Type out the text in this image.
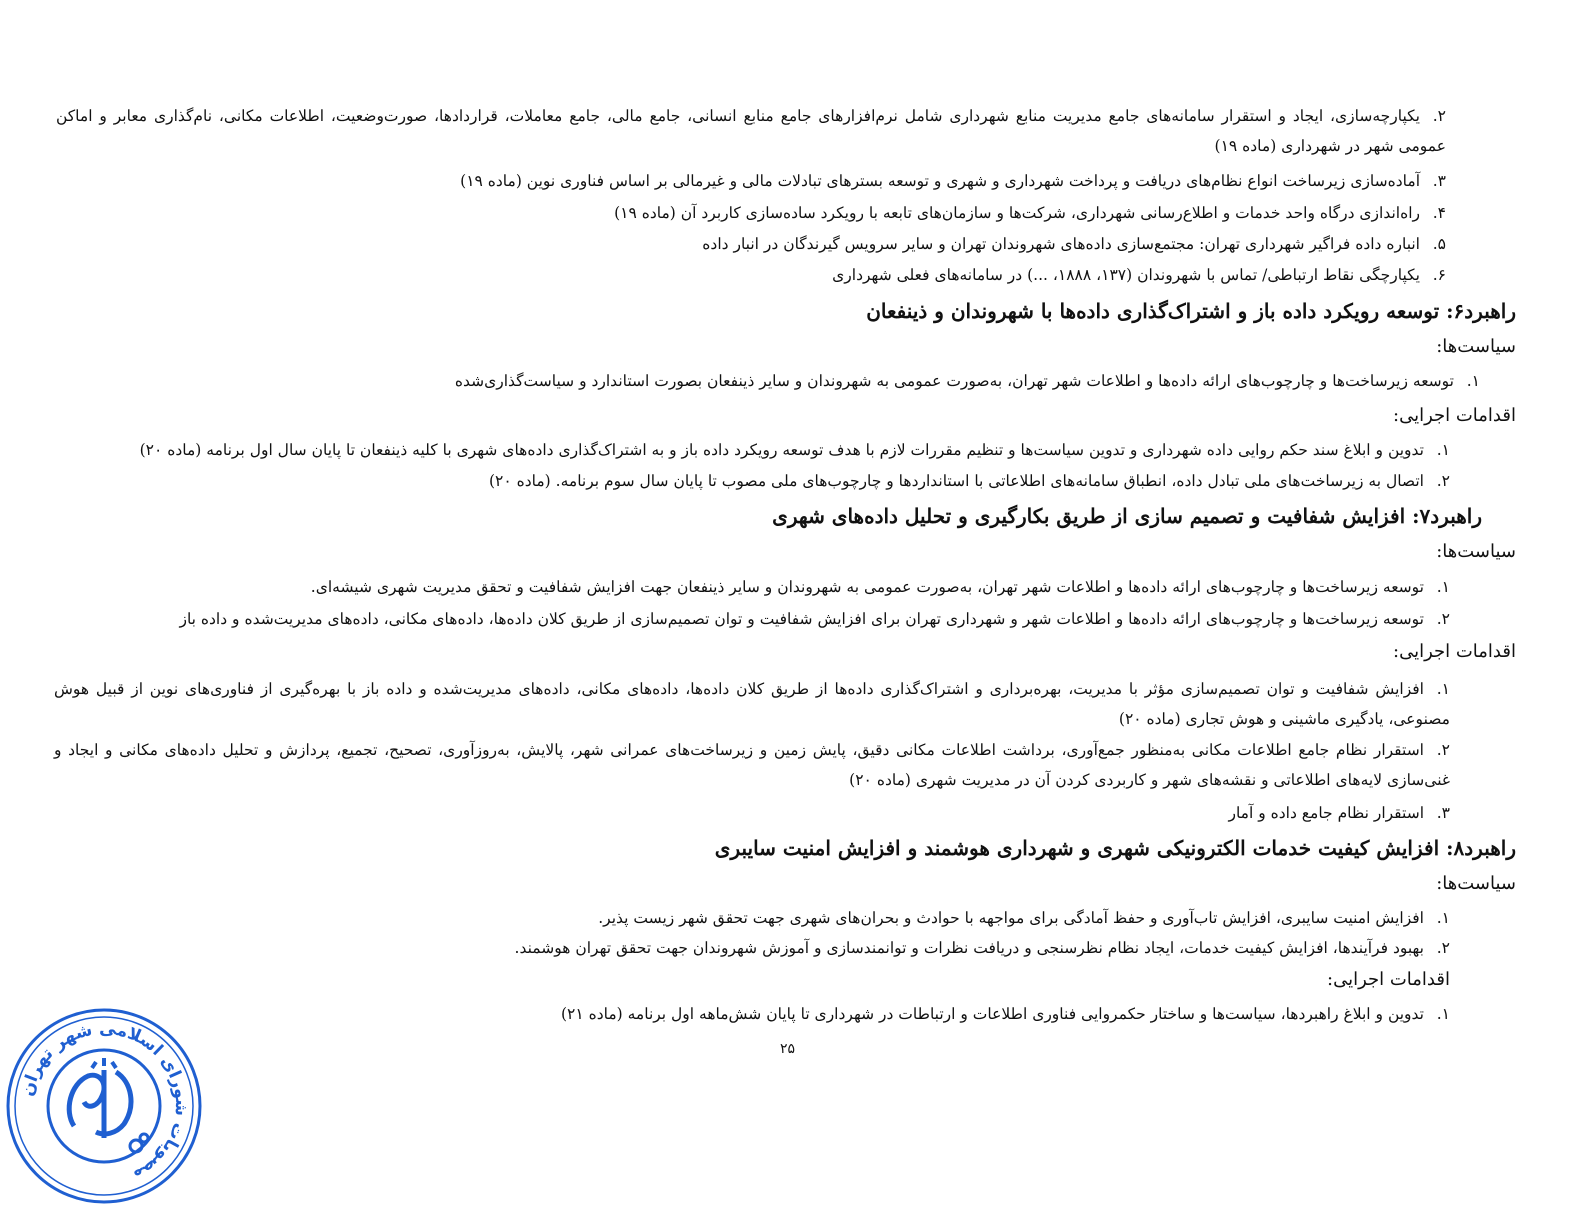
۲.یکپارچه‌سازی، ایجاد و استقرار سامانه‌های جامع مدیریت منابع شهرداری شامل نرم‌افزارهای جامع منابع انسانی، جامع مالی، جامع معاملات، قراردادها، صورت‌وضعیت، اطلاعات مکانی، نام‌گذاری معابر و اماکن عمومی شهر در شهرداری (ماده ۱۹)
۳.آماده‌سازی زیرساخت انواع نظام‌های دریافت و پرداخت شهرداری و شهری و توسعه بسترهای تبادلات مالی و غیرمالی بر اساس فناوری نوین (ماده ۱۹)
۴.راه‌اندازی درگاه واحد خدمات و اطلاع‌رسانی شهرداری، شرکت‌ها و سازمان‌های تابعه با رویکرد ساده‌سازی کاربرد آن (ماده ۱۹)
۵.انباره داده فراگیر شهرداری تهران: مجتمع‌سازی داده‌های شهروندان تهران و سایر سرویس گیرندگان در انبار داده
۶.یکپارچگی نقاط ارتباطی/ تماس با شهروندان (۱۳۷، ۱۸۸۸، ...) در سامانه‌های فعلی شهرداری
راهبرد۶: توسعه رویکرد داده باز و اشتراک‌گذاری داده‌ها با شهروندان و ذینفعان
سیاست‌ها:
۱.توسعه زیرساخت‌ها و چارچوب‌های ارائه داده‌ها و اطلاعات شهر تهران، به‌صورت عمومی به شهروندان و سایر ذینفعان بصورت استاندارد و سیاست‌گذاری‌شده
اقدامات اجرایی:
۱.تدوین و ابلاغ سند حکم روایی داده شهرداری و تدوین سیاست‌ها و تنظیم مقررات لازم با هدف توسعه رویکرد داده باز و به اشتراک‌گذاری داده‌های شهری با کلیه ذینفعان تا پایان سال اول برنامه (ماده ۲۰)
۲.اتصال به زیرساخت‌های ملی تبادل داده، انطباق سامانه‌های اطلاعاتی با استانداردها و چارچوب‌های ملی مصوب تا پایان سال سوم برنامه. (ماده ۲۰)
راهبرد۷: افزایش شفافیت و تصمیم سازی از طریق بکارگیری و تحلیل داده‌های شهری
سیاست‌ها:
۱.توسعه زیرساخت‌ها و چارچوب‌های ارائه داده‌ها و اطلاعات شهر تهران، به‌صورت عمومی به شهروندان و سایر ذینفعان جهت افزایش شفافیت و تحقق مدیریت شهری شیشه‌ای.
۲.توسعه زیرساخت‌ها و چارچوب‌های ارائه داده‌ها و اطلاعات شهر و شهرداری تهران برای افزایش شفافیت و توان تصمیم‌سازی از طریق کلان داده‌ها، داده‌های مکانی، داده‌های مدیریت‌شده و داده باز
اقدامات اجرایی:
۱.افزایش شفافیت و توان تصمیم‌سازی مؤثر با مدیریت، بهره‌برداری و اشتراک‌گذاری داده‌ها از طریق کلان داده‌ها، داده‌های مکانی، داده‌های مدیریت‌شده و داده باز با بهره‌گیری از فناوری‌های نوین از قبیل هوش مصنوعی، یادگیری ماشینی و هوش تجاری (ماده ۲۰)
۲.استقرار نظام جامع اطلاعات مکانی به‌منظور جمع‌آوری، برداشت اطلاعات مکانی دقیق، پایش زمین و زیرساخت‌های عمرانی شهر، پالایش، به‌روزآوری، تصحیح، تجمیع، پردازش و تحلیل داده‌های مکانی و ایجاد و غنی‌سازی لایه‌های اطلاعاتی و نقشه‌های شهر و کاربردی کردن آن در مدیریت شهری (ماده ۲۰)
۳.استقرار نظام جامع داده و آمار
راهبرد۸: افزایش کیفیت خدمات الکترونیکی شهری و شهرداری هوشمند و افزایش امنیت سایبری
سیاست‌ها:
۱.افزایش امنیت سایبری، افزایش تاب‌آوری و حفظ آمادگی برای مواجهه با حوادث و بحران‌های شهری جهت تحقق شهر زیست پذیر.
۲.بهبود فرآیندها، افزایش کیفیت خدمات، ایجاد نظام نظرسنجی و دریافت نظرات و توانمندسازی و آموزش شهروندان جهت تحقق تهران هوشمند.
اقدامات اجرایی:
۱.تدوین و ابلاغ راهبردها، سیاست‌ها و ساختار حکمروایی فناوری اطلاعات و ارتباطات در شهرداری تا پایان شش‌ماهه اول برنامه (ماده ۲۱)
۲۵
مصوبات شورای اسلامی شهر تهران
